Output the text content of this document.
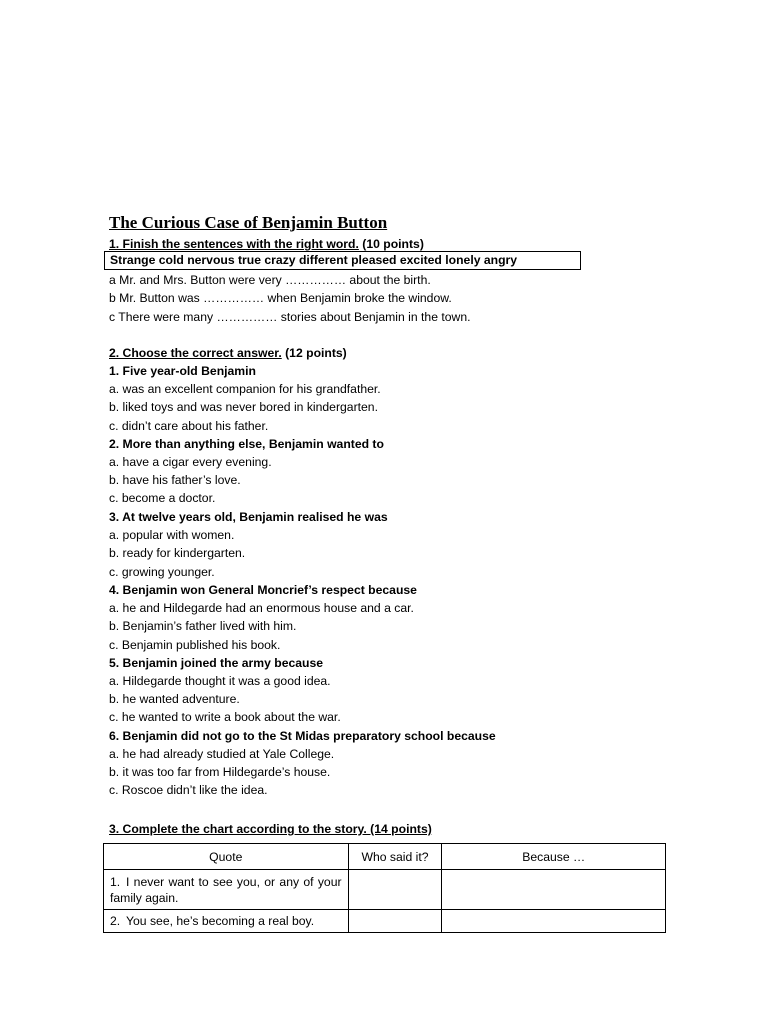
The Curious Case of Benjamin Button
1. Finish the sentences with the right word. (10 points)
Strange cold nervous true crazy different pleased excited lonely angry
a Mr. and Mrs. Button were very …………… about the birth.
b Mr. Button was …………… when Benjamin broke the window.
c There were many …………… stories about Benjamin in the town.
2. Choose the correct answer. (12 points)
1. Five year-old Benjamin
a. was an excellent companion for his grandfather.
b. liked toys and was never bored in kindergarten.
c. didn’t care about his father.
2. More than anything else, Benjamin wanted to
a. have a cigar every evening.
b. have his father’s love.
c. become a doctor.
3. At twelve years old, Benjamin realised he was
a. popular with women.
b. ready for kindergarten.
c. growing younger.
4. Benjamin won General Moncrief’s respect because
a. he and Hildegarde had an enormous house and a car.
b. Benjamin’s father lived with him.
c. Benjamin published his book.
5. Benjamin joined the army because
a. Hildegarde thought it was a good idea.
b. he wanted adventure.
c. he wanted to write a book about the war.
6. Benjamin did not go to the St Midas preparatory school because
a. he had already studied at Yale College.
b. it was too far from Hildegarde’s house.
c. Roscoe didn’t like the idea.
3. Complete the chart according to the story. (14 points)
Quote	Who said it?	Because …
1. I never want to see you, or any of your family again.		
2. You see, he’s becoming a real boy.		
